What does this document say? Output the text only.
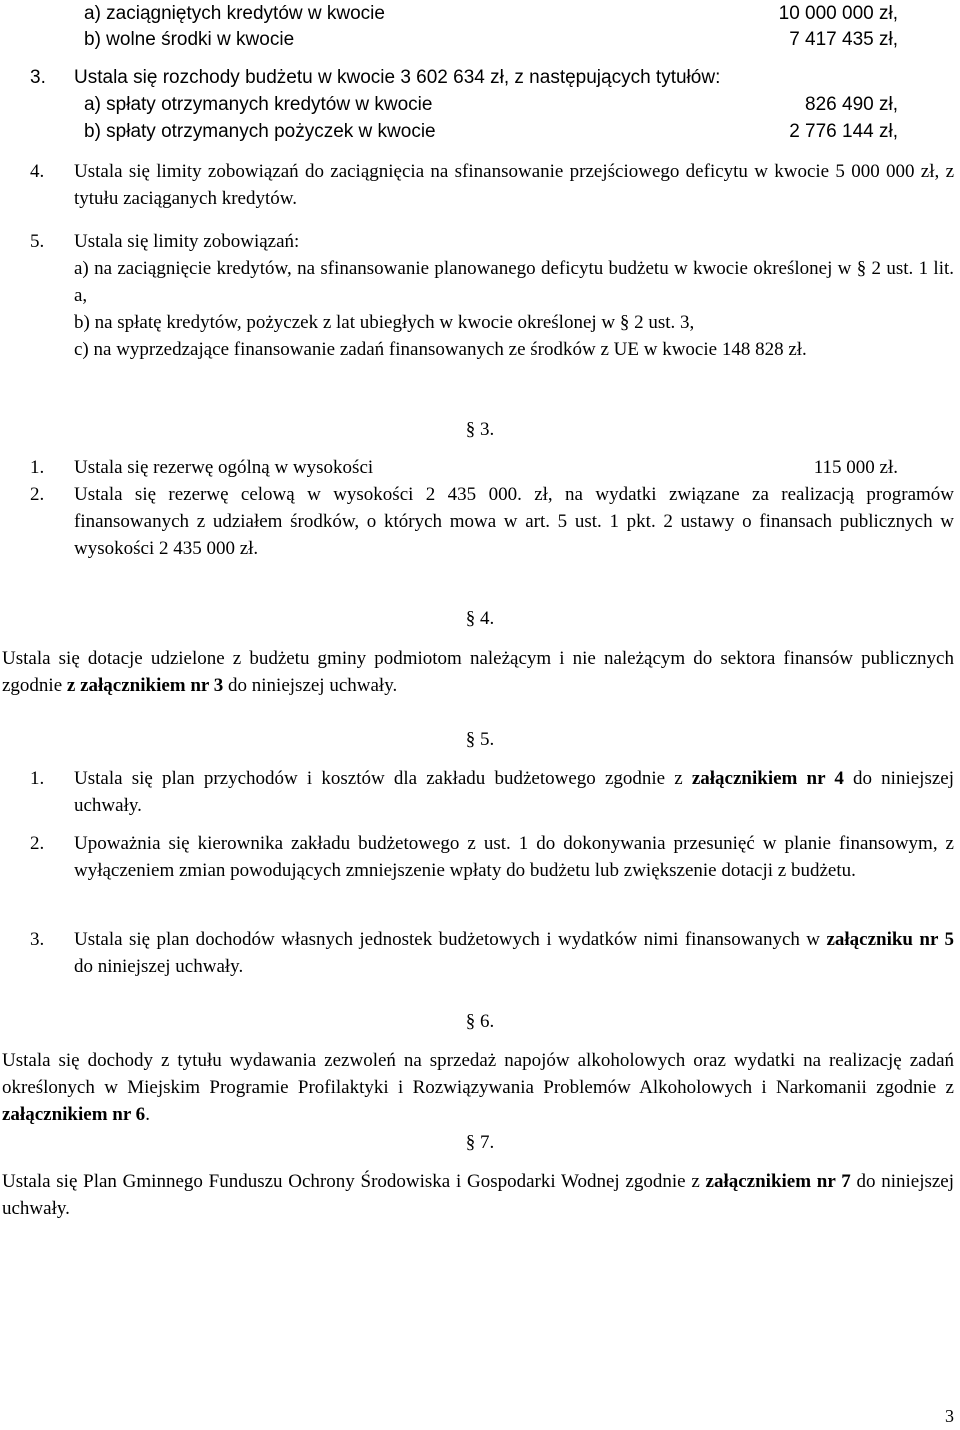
a) zaciągniętych kredytów w kwocie	10 000 000 zł,
b) wolne środki w kwocie	7 417 435 zł,
3. Ustala się rozchody budżetu w kwocie 3 602 634 zł, z następujących tytułów:
a) spłaty otrzymanych kredytów w kwocie	826 490 zł,
b) spłaty otrzymanych pożyczek w kwocie	2 776 144 zł,
4. Ustala się limity zobowiązań do zaciągnięcia na sfinansowanie przejściowego deficytu w kwocie 5 000 000 zł, z tytułu zaciąganych kredytów.
5. Ustala się limity zobowiązań:
a) na zaciągnięcie kredytów, na sfinansowanie planowanego deficytu budżetu w kwocie określonej w § 2 ust. 1 lit. a,
b) na spłatę kredytów, pożyczek z lat ubiegłych w kwocie określonej w § 2 ust. 3,
c) na wyprzedzające finansowanie zadań finansowanych ze środków z UE w kwocie 148 828 zł.
§ 3.
1. Ustala się rezerwę ogólną w wysokości	115 000 zł.
2. Ustala się rezerwę celową w wysokości 2 435 000. zł, na wydatki związane za realizacją programów finansowanych z udziałem środków, o których mowa w art. 5 ust. 1 pkt. 2 ustawy o finansach publicznych w wysokości 2 435 000 zł.
§ 4.
Ustala się dotacje udzielone z budżetu gminy podmiotom należącym i nie należącym do sektora finansów publicznych zgodnie z załącznikiem nr 3 do niniejszej uchwały.
§ 5.
1. Ustala się plan przychodów i kosztów dla zakładu budżetowego zgodnie z załącznikiem nr 4 do niniejszej uchwały.
2. Upoważnia się kierownika zakładu budżetowego z ust. 1 do dokonywania przesunięć w planie finansowym, z wyłączeniem zmian powodujących zmniejszenie wpłaty do budżetu lub zwiększenie dotacji z budżetu.
3. Ustala się plan dochodów własnych jednostek budżetowych i wydatków nimi finansowanych w załączniku nr 5 do niniejszej uchwały.
§ 6.
Ustala się dochody z tytułu wydawania zezwoleń na sprzedaż napojów alkoholowych oraz wydatki na realizację zadań określonych w Miejskim Programie Profilaktyki i Rozwiązywania Problemów Alkoholowych i Narkomanii zgodnie z załącznikiem nr 6.
§ 7.
Ustala się Plan Gminnego Funduszu Ochrony Środowiska i Gospodarki Wodnej zgodnie z załącznikiem nr 7 do niniejszej uchwały.
3
